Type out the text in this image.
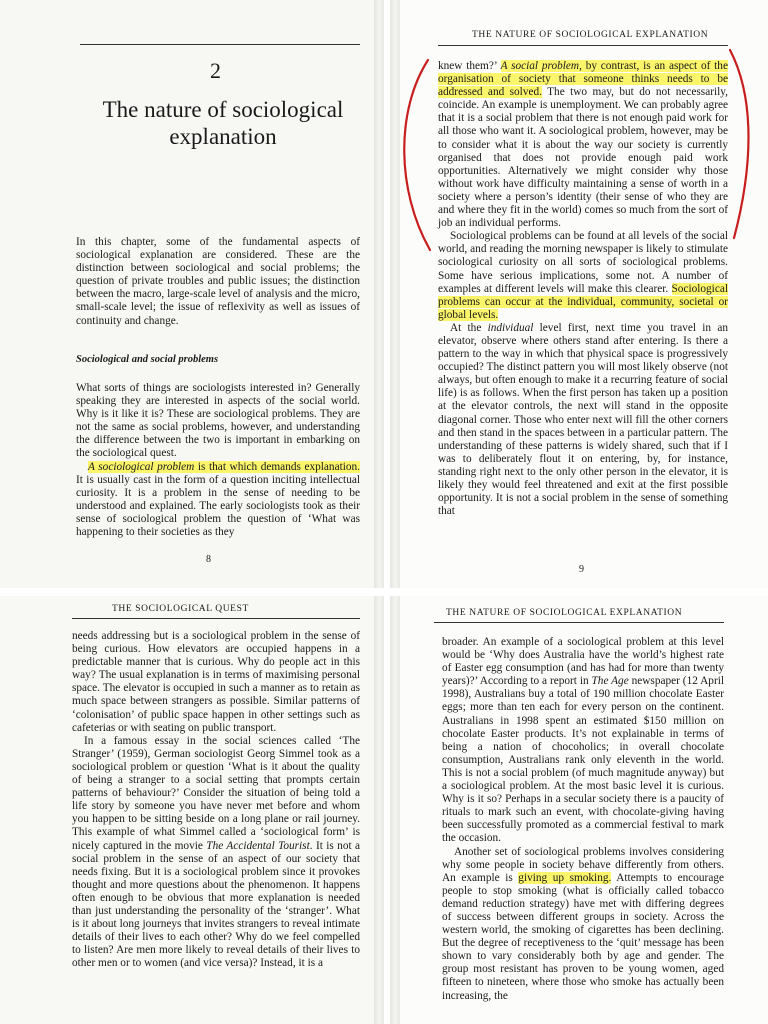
2
The nature of sociological
explanation

In this chapter, some of the fundamental aspects of sociological explanation are considered. These are the distinction between sociological and social problems; the question of private troubles and public issues; the distinction between the macro, large-scale level of analysis and the micro, small-scale level; the issue of reflexivity as well as issues of continuity and change.

Sociological and social problems

What sorts of things are sociologists interested in? Generally speaking they are interested in aspects of the social world. Why is it like it is? These are sociological problems. They are not the same as social problems, however, and understanding the difference between the two is important in embarking on the sociological quest.

A sociological problem is that which demands explanation. It is usually cast in the form of a question inciting intellectual curiosity. It is a problem in the sense of needing to be understood and explained. The early sociologists took as their sense of sociological problem the question of ‘What was happening to their societies as they

8
THE NATURE OF SOCIOLOGICAL EXPLANATION

knew them?’ A social problem, by contrast, is an aspect of the organisation of society that someone thinks needs to be addressed and solved. The two may, but do not necessarily, coincide. An example is unemployment. We can probably agree that it is a social problem that there is not enough paid work for all those who want it. A sociological problem, however, may be to consider what it is about the way our society is currently organised that does not provide enough paid work opportunities. Alternatively we might consider why those without work have difficulty maintaining a sense of worth in a society where a person’s identity (their sense of who they are and where they fit in the world) comes so much from the sort of job an individual performs.

Sociological problems can be found at all levels of the social world, and reading the morning newspaper is likely to stimulate sociological curiosity on all sorts of sociological problems. Some have serious implications, some not. A number of examples at different levels will make this clearer. Sociological problems can occur at the individual, community, societal or global levels.

At the individual level first, next time you travel in an elevator, observe where others stand after entering. Is there a pattern to the way in which that physical space is progressively occupied? The distinct pattern you will most likely observe (not always, but often enough to make it a recurring feature of social life) is as follows. When the first person has taken up a position at the elevator controls, the next will stand in the opposite diagonal corner. Those who enter next will fill the other corners and then stand in the spaces between in a particular pattern. The understanding of these patterns is widely shared, such that if I was to deliberately flout it on entering, by, for instance, standing right next to the only other person in the elevator, it is likely they would feel threatened and exit at the first possible opportunity. It is not a social problem in the sense of something that

9
THE SOCIOLOGICAL QUEST

needs addressing but is a sociological problem in the sense of being curious. How elevators are occupied happens in a predictable manner that is curious. Why do people act in this way? The usual explanation is in terms of maximising personal space. The elevator is occupied in such a manner as to retain as much space between strangers as possible. Similar patterns of ‘colonisation’ of public space happen in other settings such as cafeterias or with seating on public transport.

In a famous essay in the social sciences called ‘The Stranger’ (1959), German sociologist Georg Simmel took as a sociological problem or question ‘What is it about the quality of being a stranger to a social setting that prompts certain patterns of behaviour?’ Consider the situation of being told a life story by someone you have never met before and whom you happen to be sitting beside on a long plane or rail journey. This example of what Simmel called a ‘sociological form’ is nicely captured in the movie The Accidental Tourist. It is not a social problem in the sense of an aspect of our society that needs fixing. But it is a sociological problem since it provokes thought and more questions about the phenomenon. It happens often enough to be obvious that more explanation is needed than just understanding the personality of the ‘stranger’. What is it about long journeys that invites strangers to reveal intimate details of their lives to each other? Why do we feel compelled to listen? Are men more likely to reveal details of their lives to other men or to women (and vice versa)? Instead, it is a

THE NATURE OF SOCIOLOGICAL EXPLANATION

broader. An example of a sociological problem at this level would be ‘Why does Australia have the world’s highest rate of Easter egg consumption (and has had for more than twenty years)?’ According to a report in The Age newspaper (12 April 1998), Australians buy a total of 190 million chocolate Easter eggs; more than ten each for every person on the continent. Australians in 1998 spent an estimated $150 million on chocolate Easter products. It’s not explainable in terms of being a nation of chocoholics; in overall chocolate consumption, Australians rank only eleventh in the world. This is not a social problem (of much magnitude anyway) but a sociological problem. At the most basic level it is curious. Why is it so? Perhaps in a secular society there is a paucity of rituals to mark such an event, with chocolate-giving having been successfully promoted as a commercial festival to mark the occasion.

Another set of sociological problems involves considering why some people in society behave differently from others. An example is giving up smoking. Attempts to encourage people to stop smoking (what is officially called tobacco demand reduction strategy) have met with differing degrees of success between different groups in society. Across the western world, the smoking of cigarettes has been declining. But the degree of receptiveness to the ‘quit’ message has been shown to vary considerably both by age and gender. The group most resistant has proven to be young women, aged fifteen to nineteen, where those who smoke has actually been increasing, the
